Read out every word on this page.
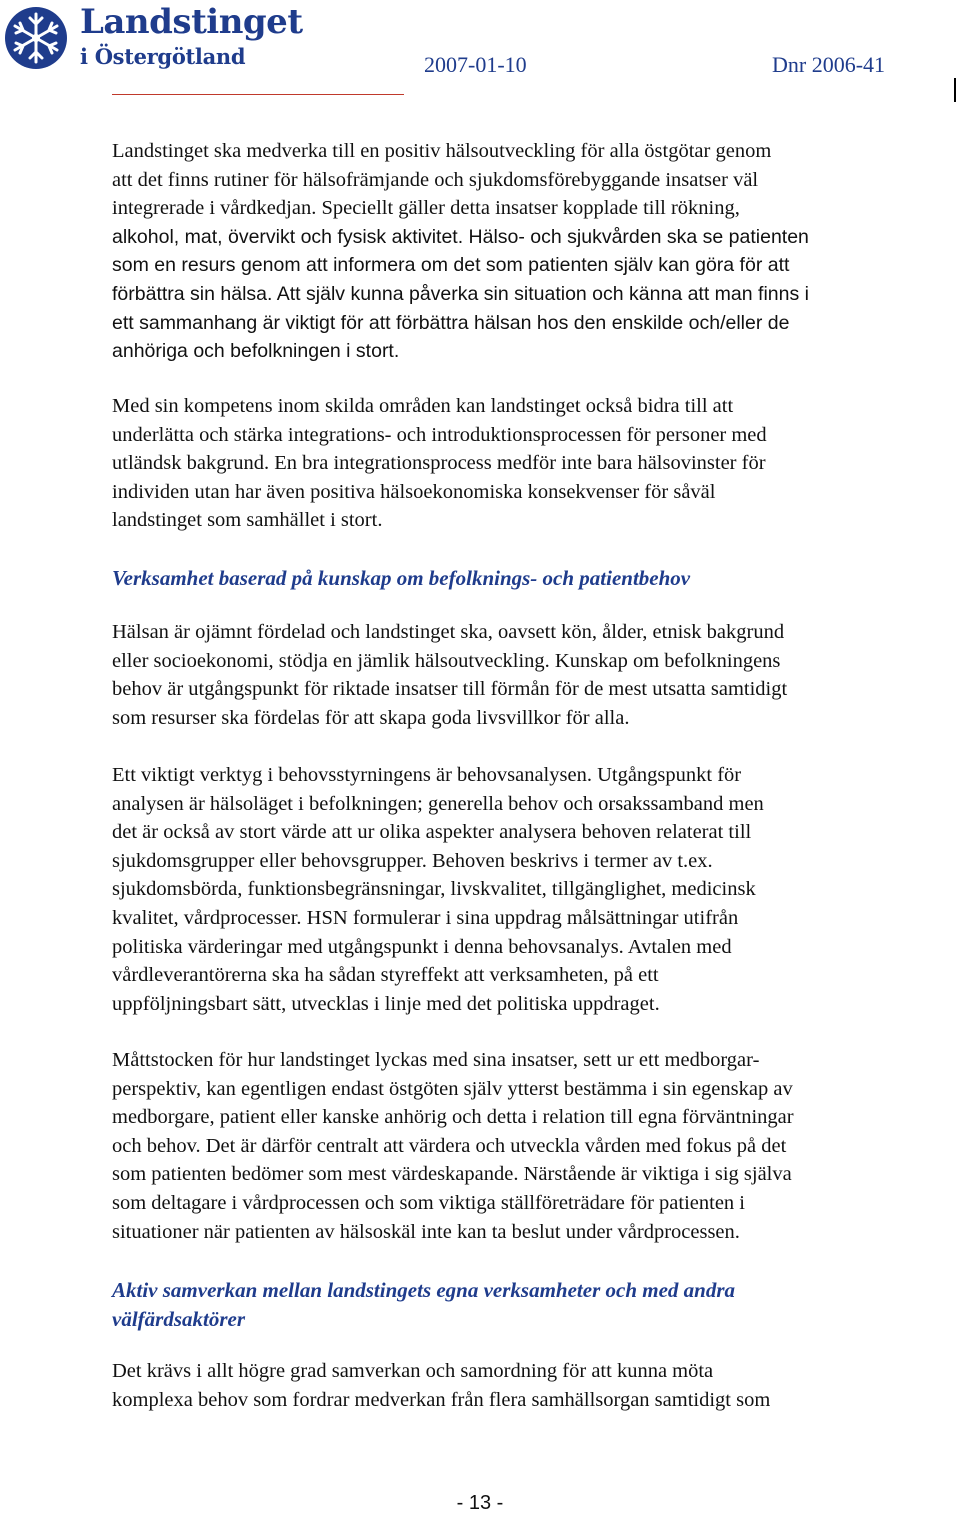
Landstinget
i Östergötland	2007-01-10	Dnr 2006-41
Landstinget ska medverka till en positiv hälsoutveckling för alla östgötar genom
att det finns rutiner för hälsofrämjande och sjukdomsförebyggande insatser väl
integrerade i vårdkedjan. Speciellt gäller detta insatser kopplade till rökning,
alkohol, mat, övervikt och fysisk aktivitet. Hälso- och sjukvården ska se patienten
som en resurs genom att informera om det som patienten själv kan göra för att
förbättra sin hälsa. Att själv kunna påverka sin situation och känna att man finns i
ett sammanhang är viktigt för att förbättra hälsan hos den enskilde och/eller de
anhöriga och befolkningen i stort.
Med sin kompetens inom skilda områden kan landstinget också bidra till att
underlätta och stärka integrations- och introduktionsprocessen för personer med
utländsk bakgrund. En bra integrationsprocess medför inte bara hälsovinster för
individen utan har även positiva hälsoekonomiska konsekvenser för såväl
landstinget som samhället i stort.
Verksamhet baserad på kunskap om befolknings- och patientbehov
Hälsan är ojämnt fördelad och landstinget ska, oavsett kön, ålder, etnisk bakgrund
eller socioekonomi, stödja en jämlik hälsoutveckling. Kunskap om befolkningens
behov är utgångspunkt för riktade insatser till förmån för de mest utsatta samtidigt
som resurser ska fördelas för att skapa goda livsvillkor för alla.
Ett viktigt verktyg i behovsstyrningens är behovsanalysen. Utgångspunkt för
analysen är hälsoläget i befolkningen; generella behov och orsakssamband men
det är också av stort värde att ur olika aspekter analysera behoven relaterat till
sjukdomsgrupper eller behovsgrupper. Behoven beskrivs i termer av t.ex.
sjukdomsbörda, funktionsbegränsningar, livskvalitet, tillgänglighet, medicinsk
kvalitet, vårdprocesser. HSN formulerar i sina uppdrag målsättningar utifrån
politiska värderingar med utgångspunkt i denna behovsanalys. Avtalen med
vårdleverantörerna ska ha sådan styreffekt att verksamheten, på ett
uppföljningsbart sätt, utvecklas i linje med det politiska uppdraget.
Måttstocken för hur landstinget lyckas med sina insatser, sett ur ett medborgar-
perspektiv, kan egentligen endast östgöten själv ytterst bestämma i sin egenskap av
medborgare, patient eller kanske anhörig och detta i relation till egna förväntningar
och behov. Det är därför centralt att värdera och utveckla vården med fokus på det
som patienten bedömer som mest värdeskapande. Närstående är viktiga i sig själva
som deltagare i vårdprocessen och som viktiga ställföreträdare för patienten i
situationer när patienten av hälsoskäl inte kan ta beslut under vårdprocessen.
Aktiv samverkan mellan landstingets egna verksamheter och med andra
välfärdsaktörer
Det krävs i allt högre grad samverkan och samordning för att kunna möta
komplexa behov som fordrar medverkan från flera samhällsorgan samtidigt som
- 13 -
